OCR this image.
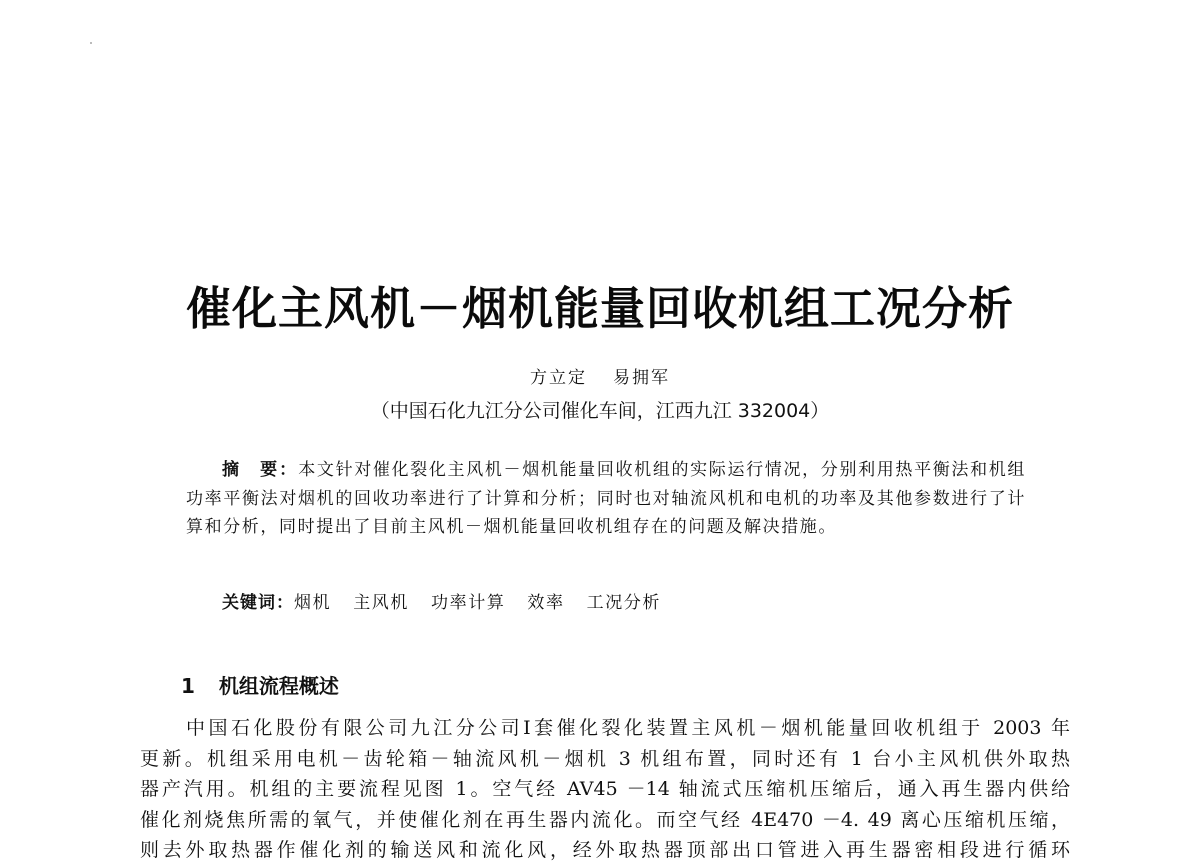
催化主风机－烟机能量回收机组工况分析
方立定 易拥军
（中国石化九江分公司催化车间，江西九江 332004）
摘　要：本文针对催化裂化主风机－烟机能量回收机组的实际运行情况，分别利用热平衡法和机组功率平衡法对烟机的回收功率进行了计算和分析；同时也对轴流风机和电机的功率及其他参数进行了计算和分析，同时提出了目前主风机－烟机能量回收机组存在的问题及解决措施。
关键词：烟机 主风机 功率计算 效率 工况分析
1 机组流程概述
中国石化股份有限公司九江分公司Ⅰ套催化裂化装置主风机－烟机能量回收机组于 2003 年
更新。机组采用电机－齿轮箱－轴流风机－烟机 3 机组布置，同时还有 1 台小主风机供外取热
器产汽用。机组的主要流程见图 1。空气经 AV45 －14 轴流式压缩机压缩后，通入再生器内供给
催化剂烧焦所需的氧气，并使催化剂在再生器内流化。而空气经 4E470 －4. 49 离心压缩机压缩，
则去外取热器作催化剂的输送风和流化风，经外取热器顶部出口管进入再生器密相段进行循环
